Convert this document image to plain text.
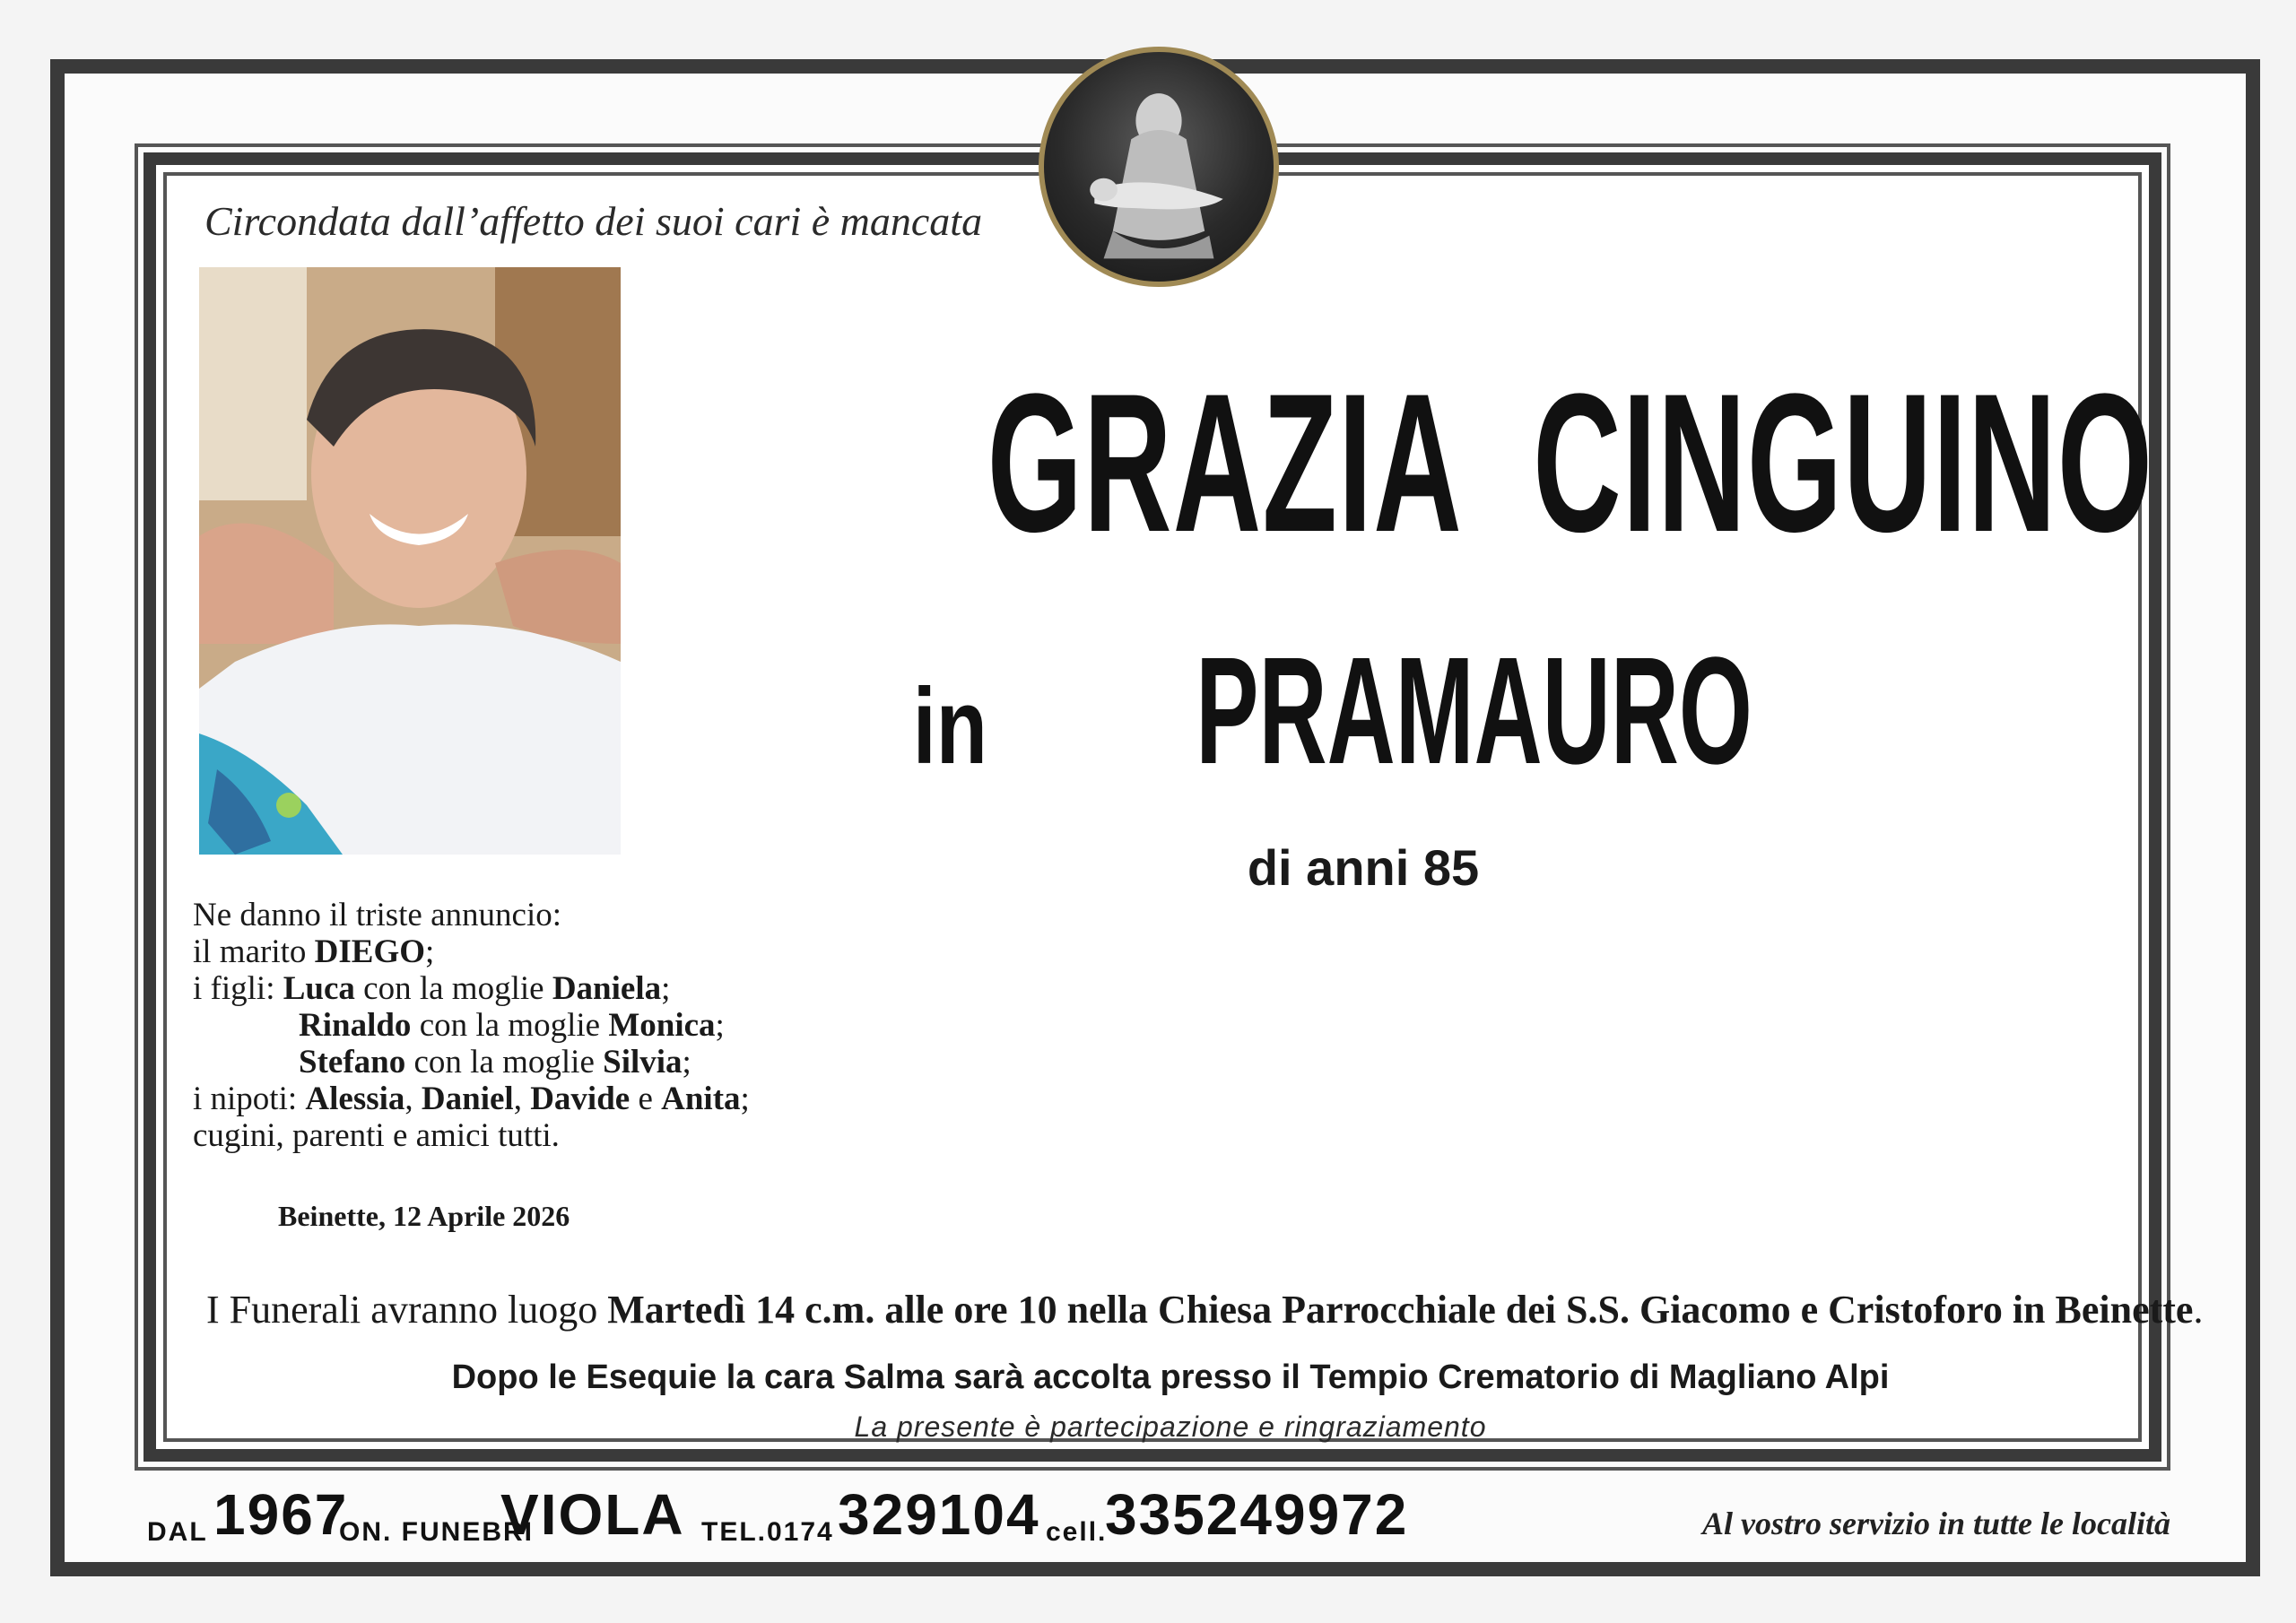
Circondata dall’affetto dei suoi cari è mancata
GRAZIA CINGUINO
in PRAMAURO
di anni 85
Ne danno il triste annuncio:
il marito DIEGO;
i figli: Luca con la moglie Daniela;
Rinaldo con la moglie Monica;
Stefano con la moglie Silvia;
i nipoti: Alessia, Daniel, Davide e Anita;
cugini, parenti e amici tutti.
Beinette, 12 Aprile 2026
I Funerali avranno luogo Martedì 14 c.m. alle ore 10 nella Chiesa Parrocchiale dei S.S. Giacomo e Cristoforo in Beinette.
Dopo le Esequie la cara Salma sarà accolta presso il Tempio Crematorio di Magliano Alpi
La presente è partecipazione e ringraziamento
DAL 1967
ON. FUNEBRI
VIOLA TEL.0174 329104 cell.
335249972	Al vostro servizio in tutte le località
